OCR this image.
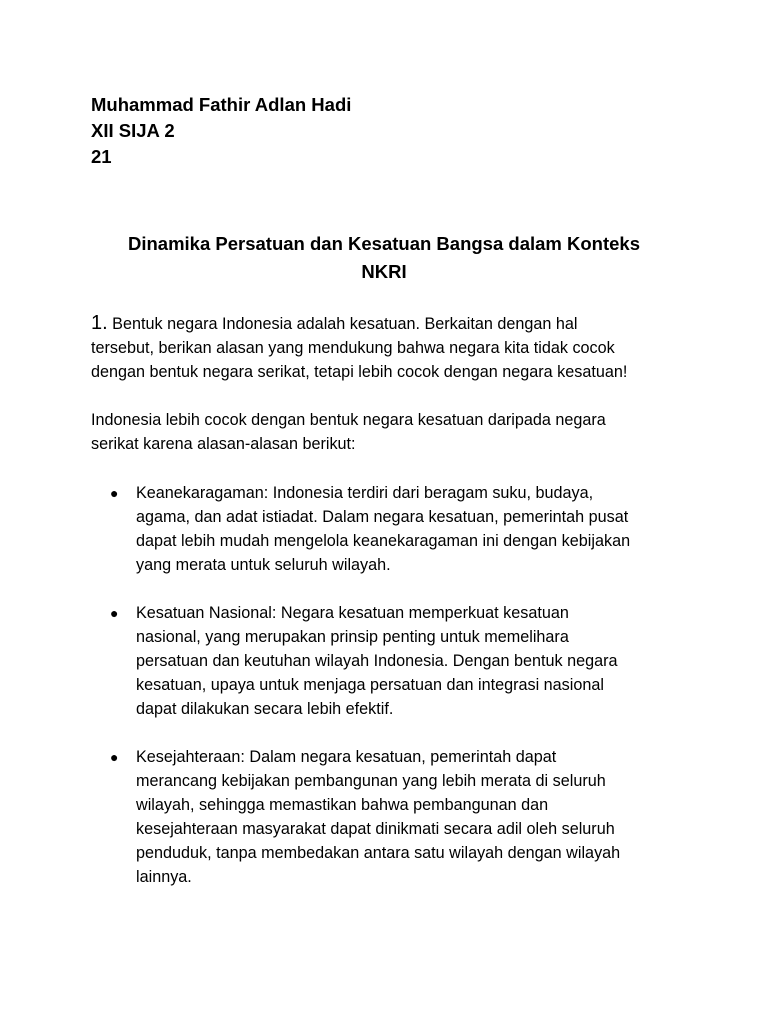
Muhammad Fathir Adlan Hadi
XII SIJA 2
21
Dinamika Persatuan dan Kesatuan Bangsa dalam Konteks
NKRI
1. Bentuk negara Indonesia adalah kesatuan. Berkaitan dengan hal
tersebut, berikan alasan yang mendukung bahwa negara kita tidak cocok
dengan bentuk negara serikat, tetapi lebih cocok dengan negara kesatuan!
Indonesia lebih cocok dengan bentuk negara kesatuan daripada negara
serikat karena alasan-alasan berikut:
● Keanekaragaman: Indonesia terdiri dari beragam suku, budaya,
agama, dan adat istiadat. Dalam negara kesatuan, pemerintah pusat
dapat lebih mudah mengelola keanekaragaman ini dengan kebijakan
yang merata untuk seluruh wilayah.
● Kesatuan Nasional: Negara kesatuan memperkuat kesatuan
nasional, yang merupakan prinsip penting untuk memelihara
persatuan dan keutuhan wilayah Indonesia. Dengan bentuk negara
kesatuan, upaya untuk menjaga persatuan dan integrasi nasional
dapat dilakukan secara lebih efektif.
● Kesejahteraan: Dalam negara kesatuan, pemerintah dapat
merancang kebijakan pembangunan yang lebih merata di seluruh
wilayah, sehingga memastikan bahwa pembangunan dan
kesejahteraan masyarakat dapat dinikmati secara adil oleh seluruh
penduduk, tanpa membedakan antara satu wilayah dengan wilayah
lainnya.
